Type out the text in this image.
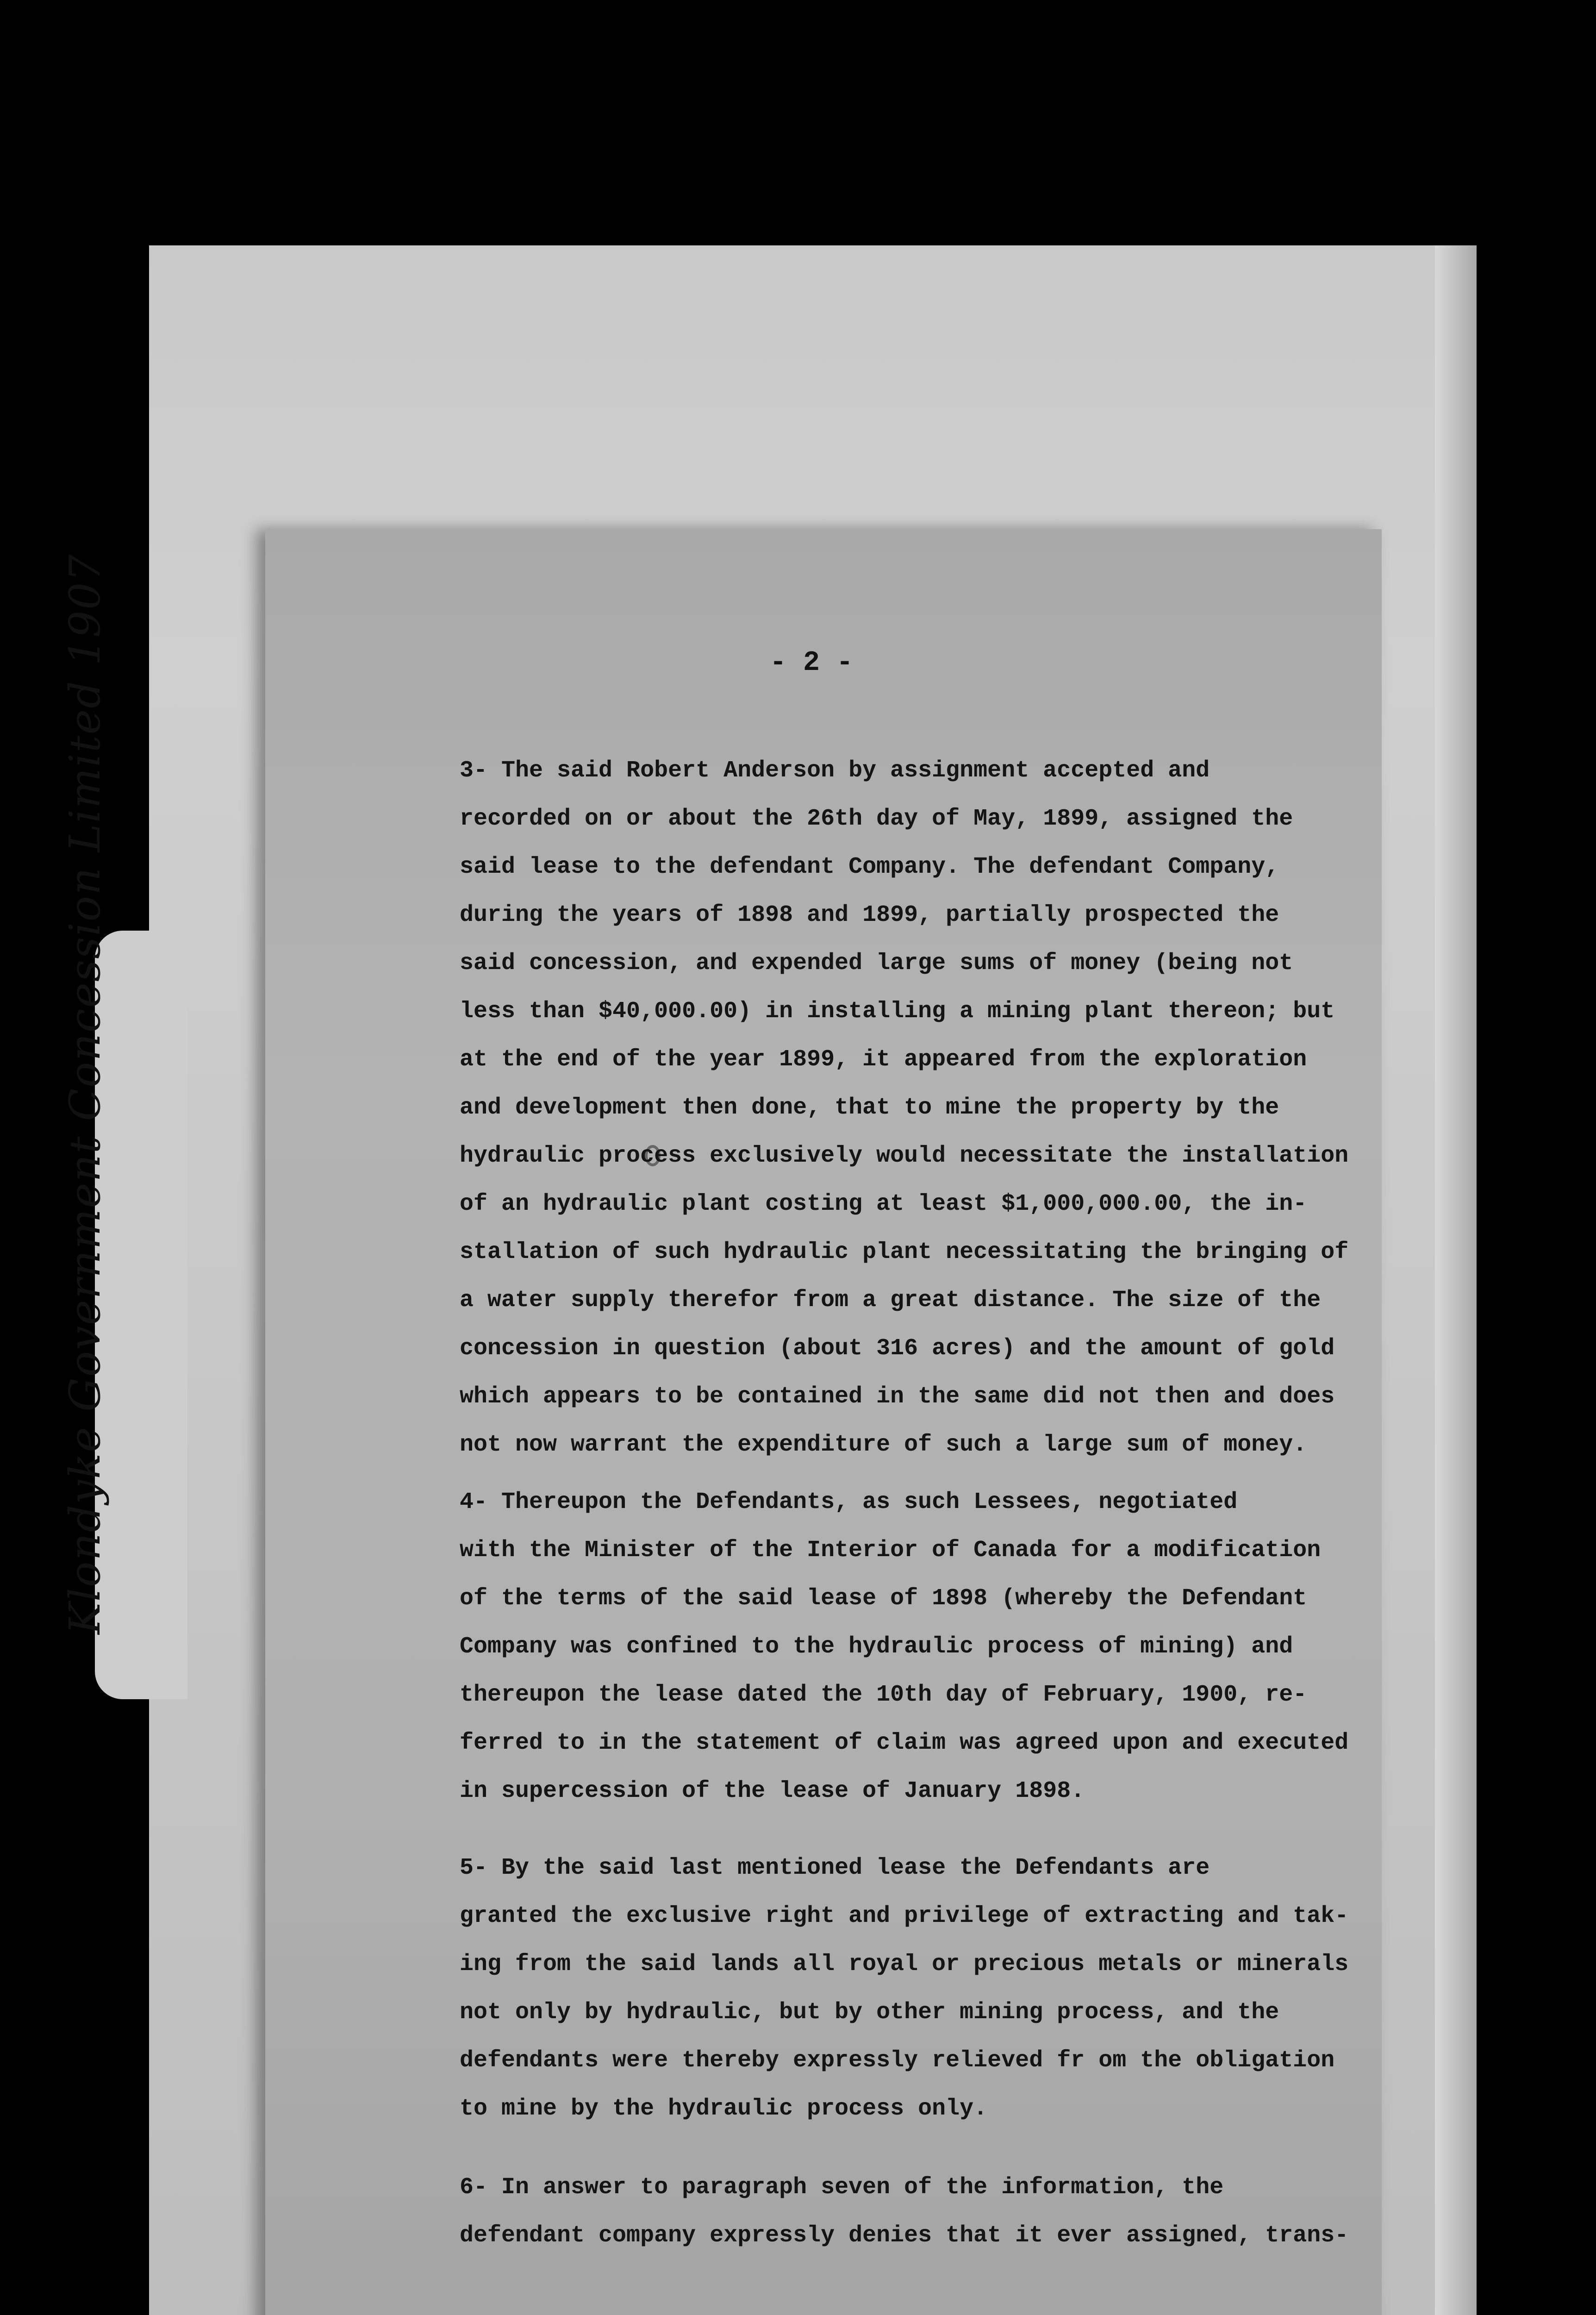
Klondyke Government Concession Limited 1907	- 2 -
3- The said Robert Anderson by assignment accepted and
recorded on or about the 26th day of May, 1899, assigned the
said lease to the defendant Company. The defendant Company,
during the years of 1898 and 1899, partially prospected the
said concession, and expended large sums of money (being not
less than $40,000.00) in installing a mining plant thereon; but
at the end of the year 1899, it appeared from the exploration
and development then done, that to mine the property by the
hydraulic process exclusively would necessitate the installation
of an hydraulic plant costing at least $1,000,000.00, the in-
stallation of such hydraulic plant necessitating the bringing of
a water supply therefor from a great distance. The size of the
concession in question (about 316 acres) and the amount of gold
which appears to be contained in the same did not then and does
not now warrant the expenditure of such a large sum of money.
4- Thereupon the Defendants, as such Lessees, negotiated
with the Minister of the Interior of Canada for a modification
of the terms of the said lease of 1898 (whereby the Defendant
Company was confined to the hydraulic process of mining) and
thereupon the lease dated the 10th day of February, 1900, re-
ferred to in the statement of claim was agreed upon and executed
in supercession of the lease of January 1898.
5- By the said last mentioned lease the Defendants are
granted the exclusive right and privilege of extracting and tak-
ing from the said lands all royal or precious metals or minerals
not only by hydraulic, but by other mining process, and the
defendants were thereby expressly relieved fr om the obligation
to mine by the hydraulic process only.
6- In answer to paragraph seven of the information, the
defendant company expressly denies that it ever assigned, trans-
